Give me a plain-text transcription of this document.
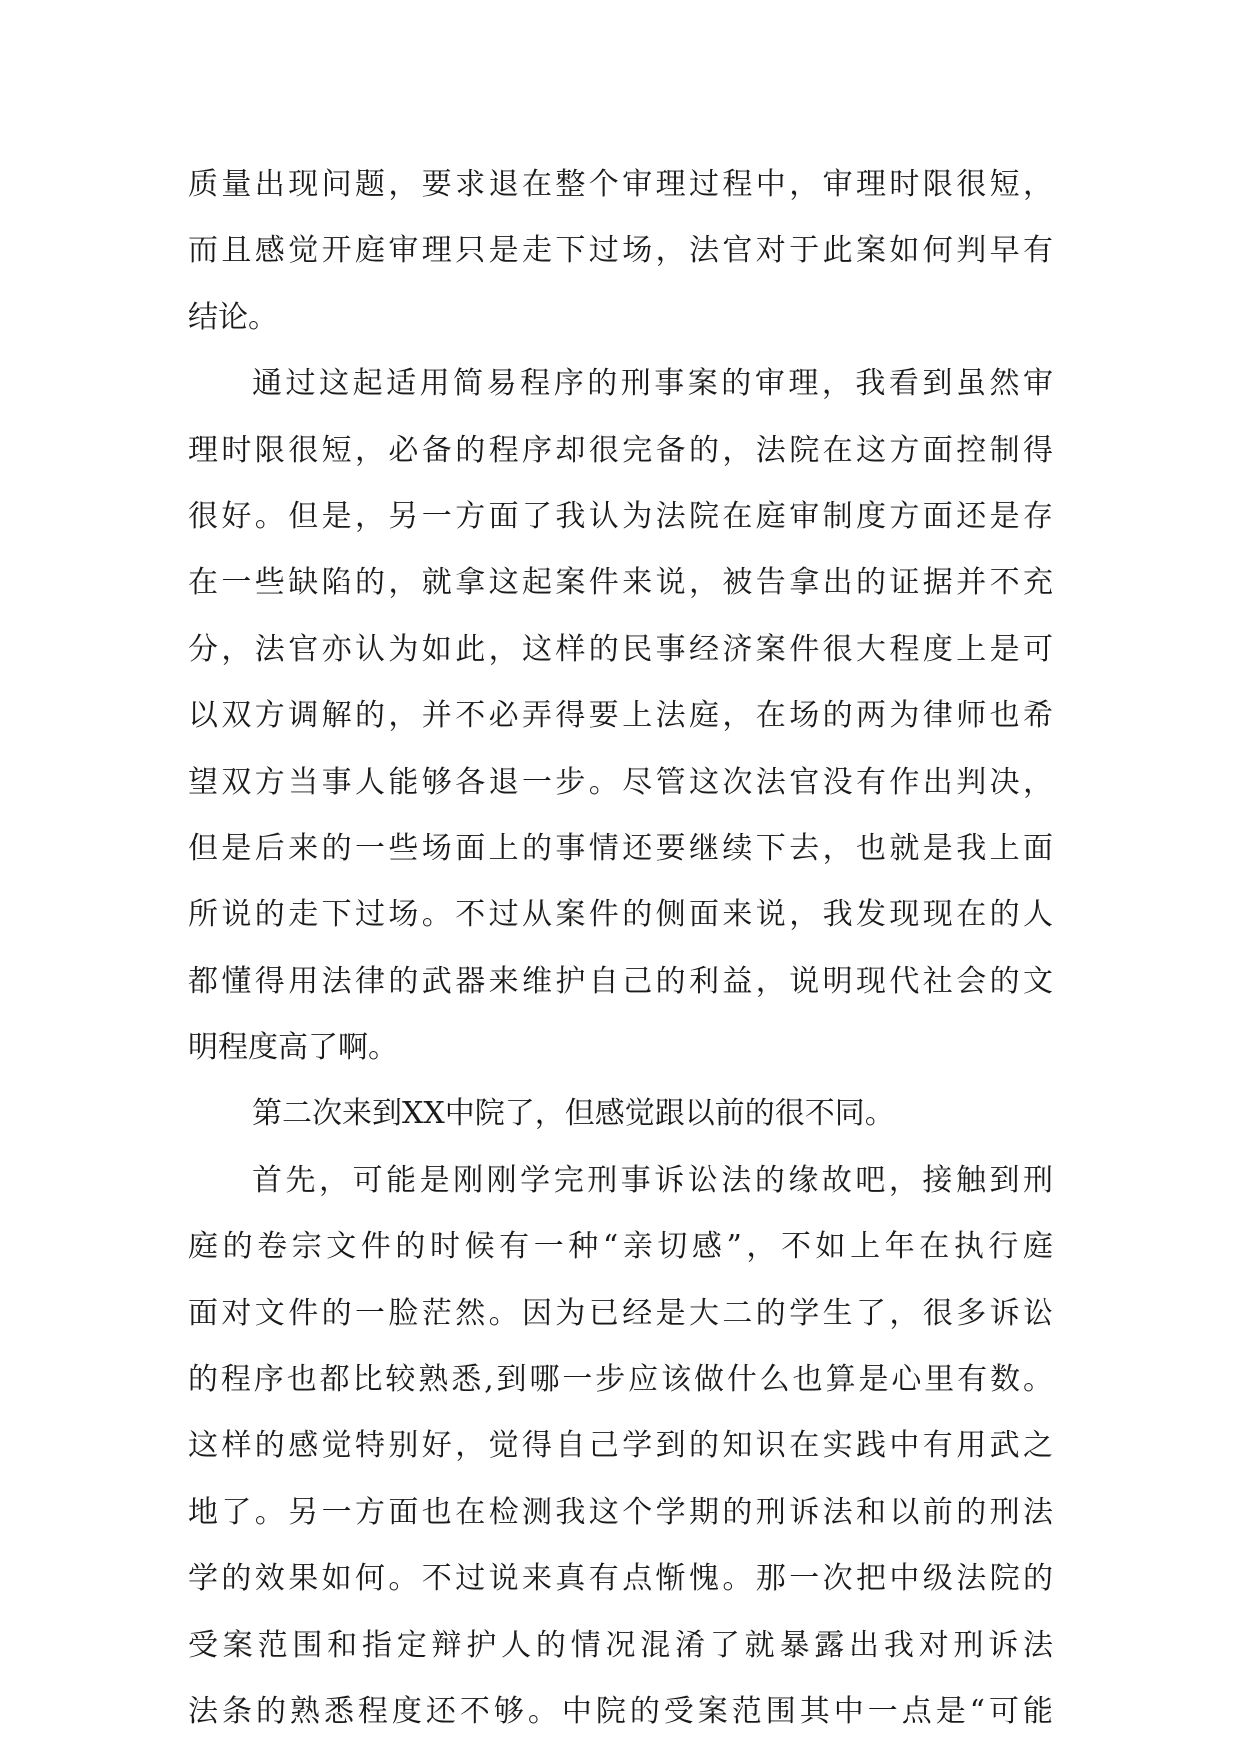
质量出现问题，要求退在整个审理过程中，审理时限很短，

而且感觉开庭审理只是走下过场，法官对于此案如何判早有

结论。

通过这起适用简易程序的刑事案的审理，我看到虽然审

理时限很短，必备的程序却很完备的，法院在这方面控制得

很好。但是，另一方面了我认为法院在庭审制度方面还是存

在一些缺陷的，就拿这起案件来说，被告拿出的证据并不充

分，法官亦认为如此，这样的民事经济案件很大程度上是可

以双方调解的，并不必弄得要上法庭，在场的两为律师也希

望双方当事人能够各退一步。尽管这次法官没有作出判决，

但是后来的一些场面上的事情还要继续下去，也就是我上面

所说的走下过场。不过从案件的侧面来说，我发现现在的人

都懂得用法律的武器来维护自己的利益，说明现代社会的文

明程度高了啊。

第二次来到XX中院了，但感觉跟以前的很不同。

首先，可能是刚刚学完刑事诉讼法的缘故吧，接触到刑

庭的卷宗文件的时候有一种“亲切感”，不如上年在执行庭

面对文件的一脸茫然。因为已经是大二的学生了，很多诉讼

的程序也都比较熟悉,到哪一步应该做什么也算是心里有数。

这样的感觉特别好，觉得自己学到的知识在实践中有用武之

地了。另一方面也在检测我这个学期的刑诉法和以前的刑法

学的效果如何。不过说来真有点惭愧。那一次把中级法院的

受案范围和指定辩护人的情况混淆了就暴露出我对刑诉法

法条的熟悉程度还不够。中院的受案范围其中一点是“可能
